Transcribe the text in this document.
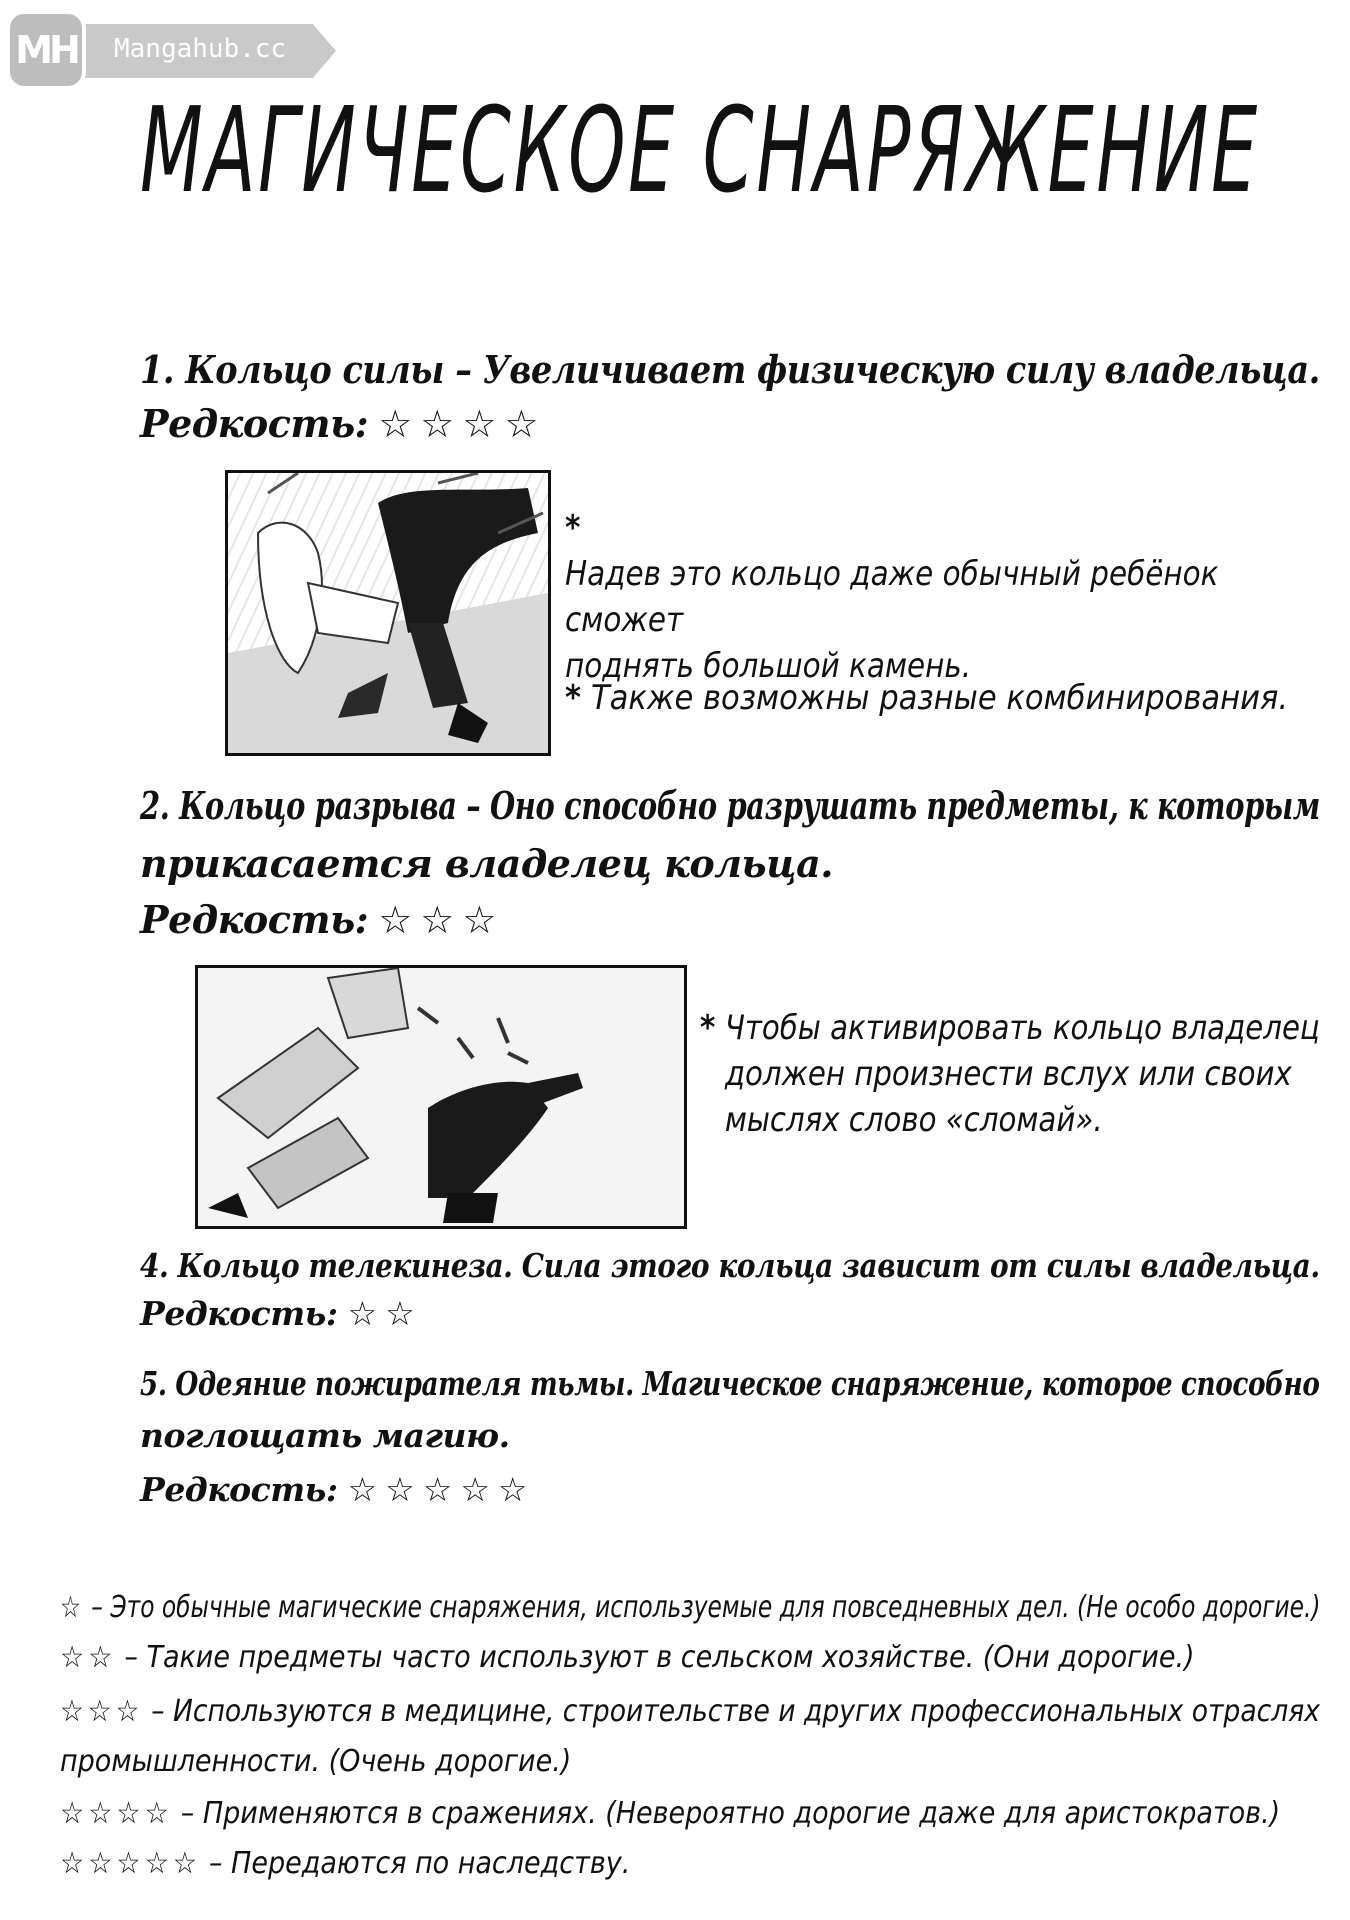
MH	Mangahub.cc
МАГИЧЕСКОЕ СНАРЯЖЕНИЕ
1. Кольцо силы – Увеличивает физическую силу владельца.
Редкость: ☆☆☆☆
*Надев это кольцо даже обычный ребёнок сможет
поднять большой камень.
* Также возможны разные комбинирования.
2. Кольцо разрыва – Оно способно разрушать предметы, к которым
прикасается владелец кольца.
Редкость: ☆☆☆
* Чтобы активировать кольцо владелец
должен произнести вслух или своих
мыслях слово «сломай».
4. Кольцо телекинеза. Сила этого кольца зависит от силы владельца.
Редкость: ☆☆
5. Одеяние пожирателя тьмы. Магическое снаряжение, которое способно
поглощать магию.
Редкость: ☆☆☆☆☆
☆ – Это обычные магические снаряжения, используемые для повседневных дел. (Не особо дорогие.)
☆☆ – Такие предметы часто используют в сельском хозяйстве. (Они дорогие.)
☆☆☆ – Используются в медицине, строительстве и других профессиональных отраслях
промышленности. (Очень дорогие.)
☆☆☆☆ – Применяются в сражениях. (Невероятно дорогие даже для аристократов.)
☆☆☆☆☆ – Передаются по наследству.
